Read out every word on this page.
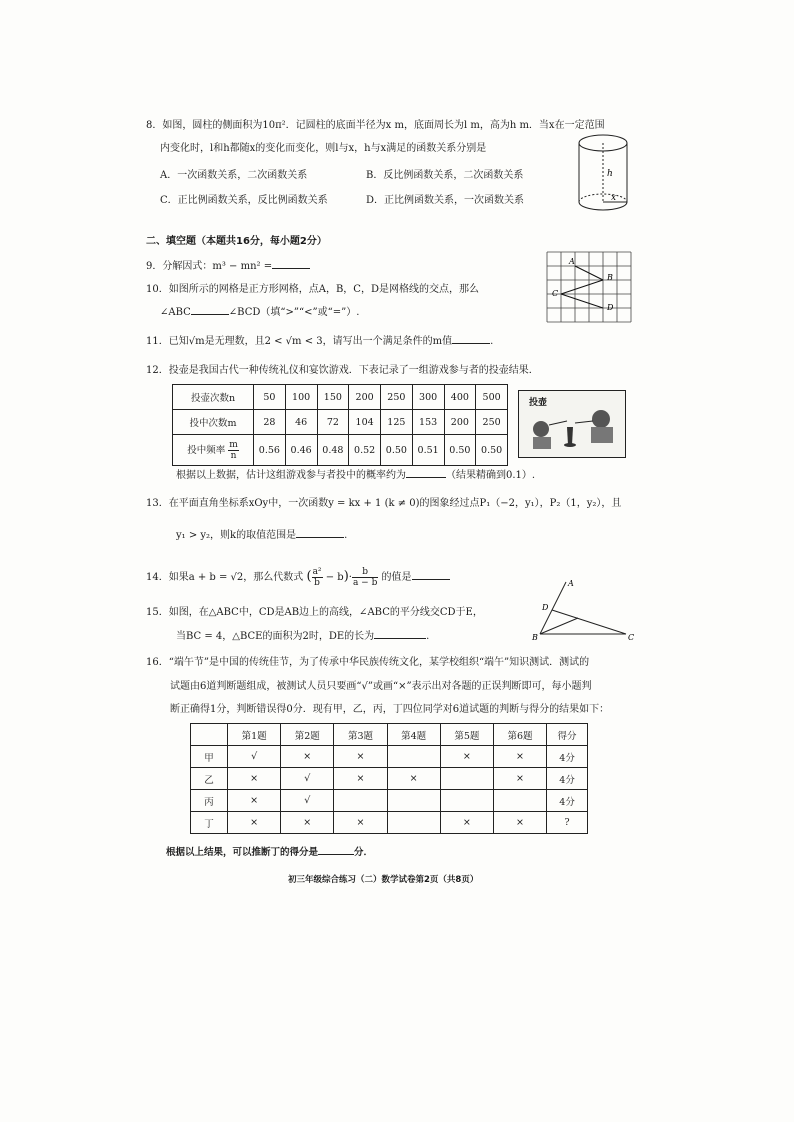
8．如图，圆柱的侧面积为10π²．记圆柱的底面半径为x m，底面周长为l m，高为h m．当x在一定范围
内变化时，l和h都随x的变化而变化，则l与x，h与x满足的函数关系分别是
A．一次函数关系，二次函数关系	B．反比例函数关系，二次函数关系
C．正比例函数关系，反比例函数关系	D．正比例函数关系，一次函数关系
h
x
二、填空题（本题共16分，每小题2分）
9．分解因式：m³ − mn² =	A
B
C
D
10．如图所示的网格是正方形网格，点A，B，C，D是网格线的交点，那么
∠ABC	∠BCD（填“>”“<”或“=”）.
11．已知√m是无理数，且2 < √m < 3，请写出一个满足条件的m值	.
12．投壶是我国古代一种传统礼仪和宴饮游戏．下表记录了一组游戏参与者的投壶结果．
投壶次数n	50	100	150	200	250	300	400	500
投中次数m	28	46	72	104	125	153	200	250
投中频率 $\frac{m}{n}$	0.56	0.46	0.48	0.52	0.50	0.51	0.50	0.50
投壶
根据以上数据，估计这组游戏参与者投中的概率约为	（结果精确到0.1）.
13．在平面直角坐标系xOy中，一次函数y = kx + 1 (k ≠ 0)的图象经过点P₁（−2，y₁），P₂（1，y₂），且
y₁ > y₂，则k的取值范围是	.
14．如果a + b = √2，那么代数式 ( $\frac{\text{a²}}{b} - b)\cdot \frac{b}{a - b}$ 的值是
A
D
B	C
15．如图，在△ABC中，CD是AB边上的高线，∠ABC的平分线交CD于E，
当BC = 4，△BCE的面积为2时，DE的长为	.
16．“端午节”是中国的传统佳节，为了传承中华民族传统文化，某学校组织“端午”知识测试．测试的
试题由6道判断题组成，被测试人员只要画“√”或画“×”表示出对各题的正误判断即可，每小题判
断正确得1分，判断错误得0分．现有甲，乙，丙，丁四位同学对6道试题的判断与得分的结果如下：
	第1题	第2题	第3题	第4题	第5题	第6题	得分
甲	√	×	×		×	×	4分
乙	×	√	×	×		×	4分
丙	×	√					4分
丁	×	×	×		×	×	?
根据以上结果，可以推断丁的得分是	分．
初三年级综合练习（二）数学试卷第2页（共8页）
